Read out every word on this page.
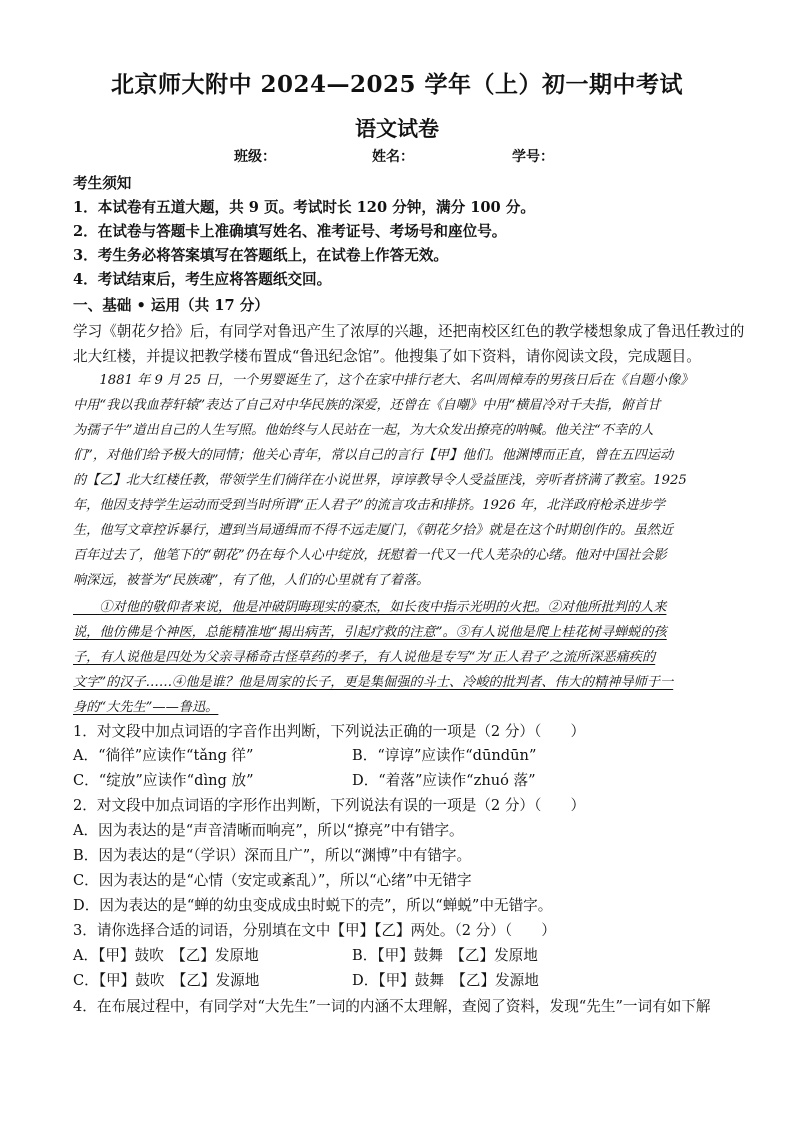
北京师大附中 2024—2025 学年（上）初一期中考试
语文试卷
班级：	姓名：	学号：
考生须知
1．本试卷有五道大题，共 9 页。考试时长 120 分钟，满分 100 分。
2．在试卷与答题卡上准确填写姓名、准考证号、考场号和座位号。
3．考生务必将答案填写在答题纸上，在试卷上作答无效。
4．考试结束后，考生应将答题纸交回。
一、基础 • 运用（共 17 分）
学习《朝花夕拾》后，有同学对鲁迅产生了浓厚的兴趣，还把南校区红色的教学楼想象成了鲁迅任教过的
北大红楼，并提议把教学楼布置成“鲁迅纪念馆”。他搜集了如下资料，请你阅读文段，完成题目。
　　1881 年 9 月 25 日，一个男婴诞生了，这个在家中排行老大、名叫周樟寿的男孩日后在《自题小像》
中用“我以我血荐轩辕”表达了自己对中华民族的深爱，还曾在《自嘲》中用“横眉冷对千夫指，俯首甘
为孺子牛”道出自己的人生写照。他始终与人民站在一起，为大众发出撩亮的呐喊。他关注“不幸的人
们”，对他们给予极大的同情；他关心青年，常以自己的言行【甲】他们。他渊博而正直，曾在五四运动
的【乙】北大红楼任教，带领学生们徜徉在小说世界，谆谆教导令人受益匪浅，旁听者挤满了教室。1925
年，他因支持学生运动而受到当时所谓“正人君子”的流言攻击和排挤。1926 年，北洋政府枪杀进步学
生，他写文章控诉暴行，遭到当局通缉而不得不远走厦门，《朝花夕拾》就是在这个时期创作的。虽然近
百年过去了，他笔下的“朝花”仍在每个人心中绽放，抚慰着一代又一代人芜杂的心绪。他对中国社会影
响深远，被誉为“民族魂”，有了他，人们的心里就有了着落。
　　①对他的敬仰者来说，他是冲破阴晦现实的豪杰，如长夜中指示光明的火把。②对他所批判的人来
说，他仿佛是个神医，总能精准地“揭出病苦，引起疗救的注意”。③有人说他是爬上桂花树寻蝉蜕的孩
子，有人说他是四处为父亲寻稀奇古怪草药的孝子，有人说他是专写“为‘正人君子’之流所深恶痛疾的
文字”的汉子……④他是谁？他是周家的长子，更是集倔强的斗士、冷峻的批判者、伟大的精神导师于一
身的“大先生”——鲁迅。
1．对文段中加点词语的字音作出判断，下列说法正确的一项是（2 分）（　　）
A．“徜徉”应读作“tǎng 徉”	B．“谆谆”应读作“dūndūn”
C．“绽放”应读作“dìng 放”	D．“着落”应读作“zhuó 落”
2．对文段中加点词语的字形作出判断，下列说法有误的一项是（2 分）（　　）
A．因为表达的是“声音清晰而响亮”，所以“撩亮”中有错字。
B．因为表达的是“（学识）深而且广”，所以“渊博”中有错字。
C．因为表达的是“心情（安定或紊乱）”，所以“心绪”中无错字
D．因为表达的是“蝉的幼虫变成成虫时蜕下的壳”，所以“蝉蜕”中无错字。
3．请你选择合适的词语，分别填在文中【甲】【乙】两处。（2 分）（　　）
A．【甲】鼓吹　【乙】发原地	B．【甲】鼓舞　【乙】发原地
C．【甲】鼓吹　【乙】发源地	D．【甲】鼓舞　【乙】发源地
4．在布展过程中，有同学对“大先生”一词的内涵不太理解，查阅了资料，发现“先生”一词有如下解
